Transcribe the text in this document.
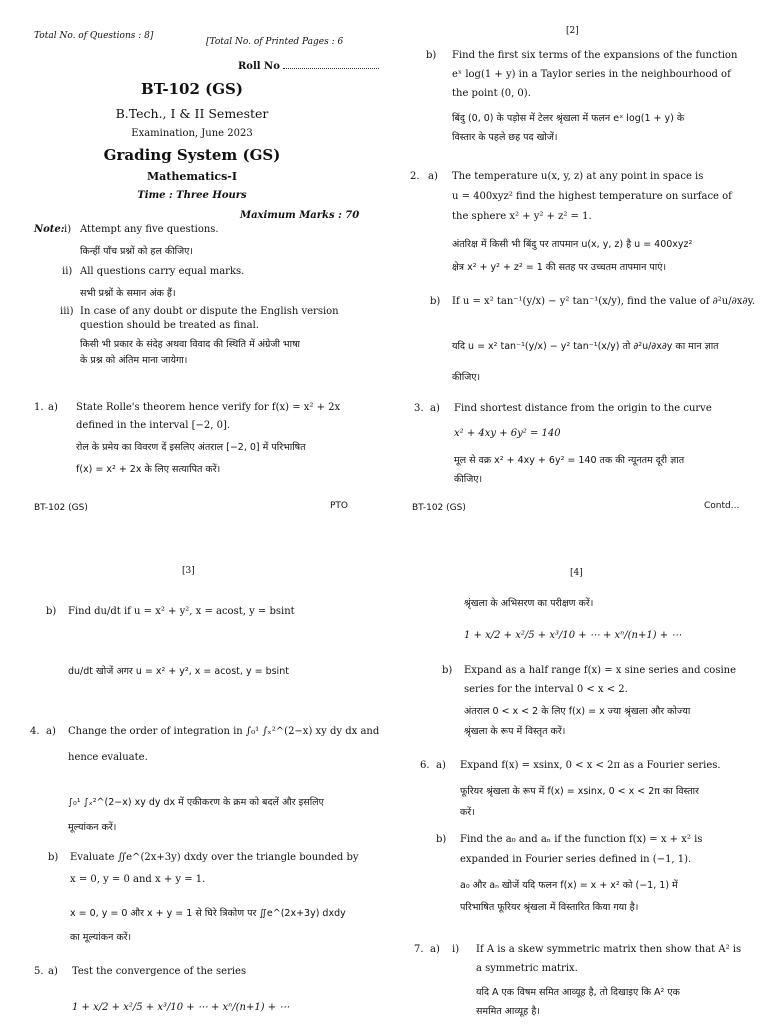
Total No. of Questions : 8]
[Total No. of Printed Pages : 6
Roll No
BT-102 (GS)
B.Tech., I & II Semester
Examination, June 2023
Grading System (GS)
Mathematics-I
Time : Three Hours
Maximum Marks : 70
Note: i) Attempt any five questions.
किन्हीं पाँच प्रश्नों को हल कीजिए।
ii) All questions carry equal marks.
सभी प्रश्नों के समान अंक हैं।
iii) In case of any doubt or dispute the English version
question should be treated as final.
किसी भी प्रकार के संदेह अथवा विवाद की स्थिति में अंग्रेजी भाषा
के प्रश्न को अंतिम माना जायेगा।
1. a) State Rolle's theorem hence verify for f(x) = x² + 2x
defined in the interval [−2, 0].
रोल के प्रमेय का विवरण दें इसलिए अंतराल [−2, 0] में परिभाषित
f(x) = x² + 2x के लिए सत्यापित करें।
BT-102 (GS)	PTO
[2]
b) Find the first six terms of the expansions of the function
eˣ log(1 + y) in a Taylor series in the neighbourhood of
the point (0, 0).
बिंदु (0, 0) के पड़ोस में टेलर श्रृंखला में फलन eˣ log(1 + y) के
विस्तार के पहले छह पद खोजें।
2. a) The temperature u(x, y, z) at any point in space is
u = 400xyz² find the highest temperature on surface of
the sphere x² + y² + z² = 1.
अंतरिक्ष में किसी भी बिंदु पर तापमान u(x, y, z) है u = 400xyz²
क्षेत्र x² + y² + z² = 1 की सतह पर उच्चतम तापमान पाएं।
b) If u = x² tan⁻¹(y/x) − y² tan⁻¹(x/y), find the value of ∂²u/∂x∂y.
यदि u = x² tan⁻¹(y/x) − y² tan⁻¹(x/y) तो ∂²u/∂x∂y का मान ज्ञात
कीजिए।
3. a) Find shortest distance from the origin to the curve
x² + 4xy + 6y² = 140
मूल से वक्र x² + 4xy + 6y² = 140 तक की न्यूनतम दूरी ज्ञात
कीजिए।
BT-102 (GS)	Contd...
[3]
b) Find du/dt if u = x² + y², x = acost, y = bsint
du/dt खोजें अगर u = x² + y², x = acost, y = bsint
4. a) Change the order of integration in ∫₀¹ ∫ₓ²^(2−x) xy dy dx and
hence evaluate.
∫₀¹ ∫ₓ²^(2−x) xy dy dx में एकीकरण के क्रम को बदलें और इसलिए
मूल्यांकन करें।
b) Evaluate ∬e^(2x+3y) dxdy over the triangle bounded by
x = 0, y = 0 and x + y = 1.
x = 0, y = 0 और x + y = 1 से घिरे त्रिकोण पर ∬e^(2x+3y) dxdy
का मूल्यांकन करें।
5. a) Test the convergence of the series
1 + x/2 + x²/5 + x³/10 + ⋯ + xⁿ/(n+1) + ⋯
[4]
श्रृंखला के अभिसरण का परीक्षण करें।
1 + x/2 + x²/5 + x³/10 + ⋯ + xⁿ/(n+1) + ⋯
b) Expand as a half range f(x) = x sine series and cosine
series for the interval 0 < x < 2.
अंतराल 0 < x < 2 के लिए f(x) = x ज्या श्रृंखला और कोज्या
श्रृंखला के रूप में विस्तृत करें।
6. a) Expand f(x) = xsinx, 0 < x < 2π as a Fourier series.
फूरियर श्रृंखला के रूप में f(x) = xsinx, 0 < x < 2π का विस्तार
करें।
b) Find the a₀ and aₙ if the function f(x) = x + x² is
expanded in Fourier series defined in (−1, 1).
a₀ और aₙ खोजें यदि फलन f(x) = x + x² को (−1, 1) में
परिभाषित फूरियर श्रृंखला में विस्तारित किया गया है।
7. a) i) If A is a skew symmetric matrix then show that A² is
a symmetric matrix.
यदि A एक विषम समित आव्यूह है, तो दिखाइए कि A² एक
सममित आव्यूह है।
